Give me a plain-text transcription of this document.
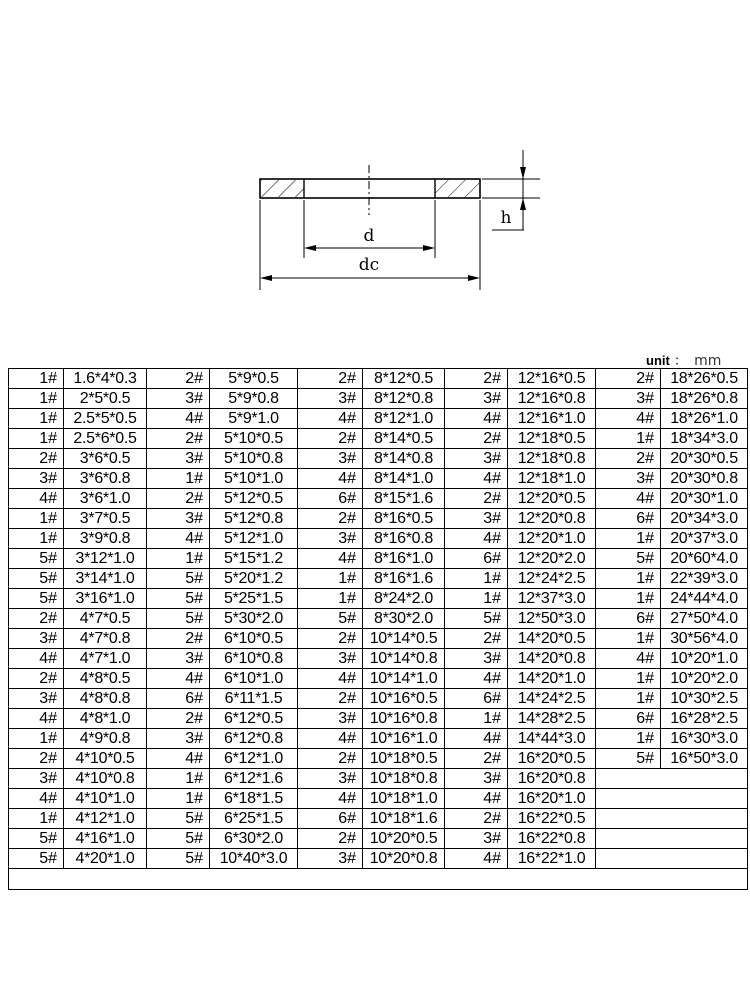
d
dc
h
unit ： mm
1#	1.6*4*0.3	2#	5*9*0.5	2#	8*12*0.5	2#	12*16*0.5	2#	18*26*0.5
1#	2*5*0.5	3#	5*9*0.8	3#	8*12*0.8	3#	12*16*0.8	3#	18*26*0.8
1#	2.5*5*0.5	4#	5*9*1.0	4#	8*12*1.0	4#	12*16*1.0	4#	18*26*1.0
1#	2.5*6*0.5	2#	5*10*0.5	2#	8*14*0.5	2#	12*18*0.5	1#	18*34*3.0
2#	3*6*0.5	3#	5*10*0.8	3#	8*14*0.8	3#	12*18*0.8	2#	20*30*0.5
3#	3*6*0.8	1#	5*10*1.0	4#	8*14*1.0	4#	12*18*1.0	3#	20*30*0.8
4#	3*6*1.0	2#	5*12*0.5	6#	8*15*1.6	2#	12*20*0.5	4#	20*30*1.0
1#	3*7*0.5	3#	5*12*0.8	2#	8*16*0.5	3#	12*20*0.8	6#	20*34*3.0
1#	3*9*0.8	4#	5*12*1.0	3#	8*16*0.8	4#	12*20*1.0	1#	20*37*3.0
5#	3*12*1.0	1#	5*15*1.2	4#	8*16*1.0	6#	12*20*2.0	5#	20*60*4.0
5#	3*14*1.0	5#	5*20*1.2	1#	8*16*1.6	1#	12*24*2.5	1#	22*39*3.0
5#	3*16*1.0	5#	5*25*1.5	1#	8*24*2.0	1#	12*37*3.0	1#	24*44*4.0
2#	4*7*0.5	5#	5*30*2.0	5#	8*30*2.0	5#	12*50*3.0	6#	27*50*4.0
3#	4*7*0.8	2#	6*10*0.5	2#	10*14*0.5	2#	14*20*0.5	1#	30*56*4.0
4#	4*7*1.0	3#	6*10*0.8	3#	10*14*0.8	3#	14*20*0.8	4#	10*20*1.0
2#	4*8*0.5	4#	6*10*1.0	4#	10*14*1.0	4#	14*20*1.0	1#	10*20*2.0
3#	4*8*0.8	6#	6*11*1.5	2#	10*16*0.5	6#	14*24*2.5	1#	10*30*2.5
4#	4*8*1.0	2#	6*12*0.5	3#	10*16*0.8	1#	14*28*2.5	6#	16*28*2.5
1#	4*9*0.8	3#	6*12*0.8	4#	10*16*1.0	4#	14*44*3.0	1#	16*30*3.0
2#	4*10*0.5	4#	6*12*1.0	2#	10*18*0.5	2#	16*20*0.5	5#	16*50*3.0
3#	4*10*0.8	1#	6*12*1.6	3#	10*18*0.8	3#	16*20*0.8		
4#	4*10*1.0	1#	6*18*1.5	4#	10*18*1.0	4#	16*20*1.0		
1#	4*12*1.0	5#	6*25*1.5	6#	10*18*1.6	2#	16*22*0.5		
5#	4*16*1.0	5#	6*30*2.0	2#	10*20*0.5	3#	16*22*0.8		
5#	4*20*1.0	5#	10*40*3.0	3#	10*20*0.8	4#	16*22*1.0		
